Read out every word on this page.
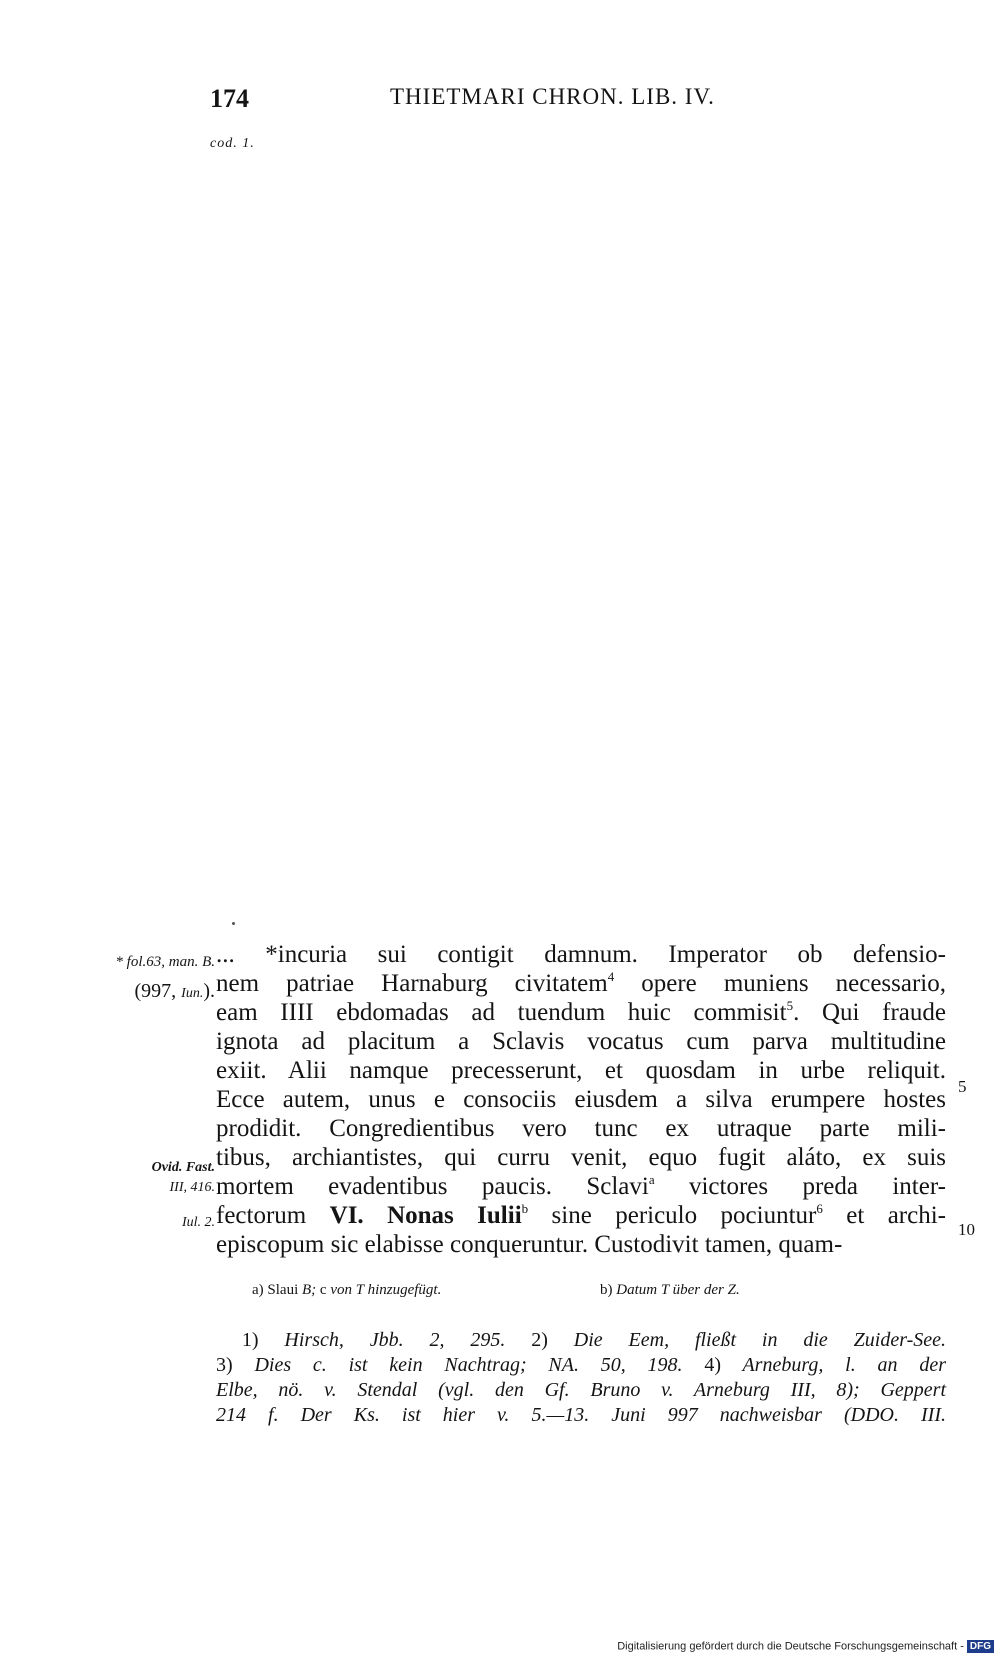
174	THIETMARI CHRON. LIB. IV.
cod. 1.
* fol.63, man. B.
(997, Iun.).
Ovid. Fast.
III, 416.
Iul. 2.
... *incuria sui contigit damnum. Imperator ob defensio-
nem patriae Harnaburg civitatem$^4$ opere muniens necessario,
eam IIII ebdomadas ad tuendum huic commisit$^5$. Qui fraude
ignota ad placitum a Sclavis vocatus cum parva multitudine
exiit. Alii namque precesserunt, et quosdam in urbe reliquit.
Ecce autem, unus e consociis eiusdem a silva erumpere hostes
prodidit. Congredientibus vero tunc ex utraque parte mili-
tibus, archiantistes, qui curru venit, equo fugit aláto, ex suis
mortem evadentibus paucis. Sclavi$^a$ victores preda inter-
fectorum VI. Nonas Iulii$^b$ sine periculo pociuntur$^6$ et archi-
episcopum sic elabisse conqueruntur. Custodivit tamen, quam-
5
10
a) Slaui B; c von T hinzugefügt.	b) Datum T über der Z.
1) Hirsch, Jbb. 2, 295. 2) Die Eem, fließt in die Zuider-See.
3) Dies c. ist kein Nachtrag; NA. 50, 198. 4) Arneburg, l. an der
Elbe, nö. v. Stendal (vgl. den Gf. Bruno v. Arneburg III, 8); Geppert
214 f. Der Ks. ist hier v. 5.—13. Juni 997 nachweisbar (DDO. III.
Digitalisierung gefördert durch die Deutsche Forschungsgemeinschaft - DFG
